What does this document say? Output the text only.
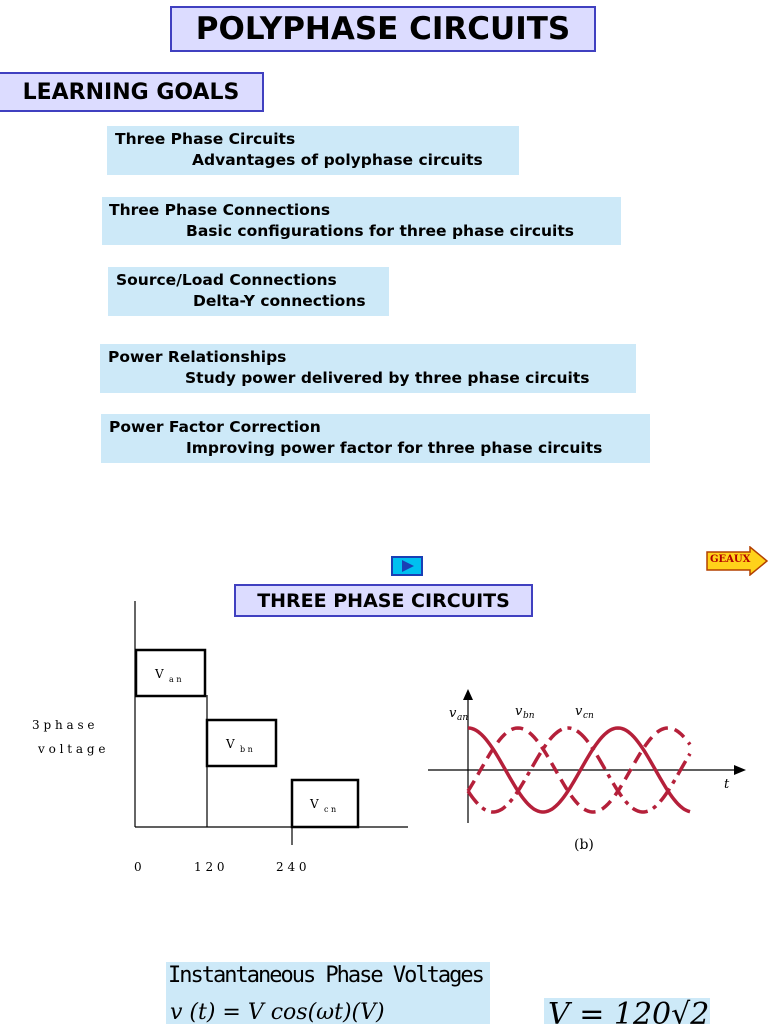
POLYPHASE CIRCUITS
LEARNING GOALS
Three Phase Circuits
Advantages of polyphase circuits
Three Phase Connections
Basic configurations for three phase circuits
Source/Load Connections
Delta-Y connections
Power Relationships
Study power delivered by three phase circuits
Power Factor Correction
Improving power factor for three phase circuits
GEAUX
THREE PHASE CIRCUITS
3 p h a s e
v o l t a g e
V a n
V b n
V c n
0	1 2 0	2 4 0
v an	v bn	v cn
t
(b)
Instantaneous Phase Voltages
v (t) = V cos(ωt)(V)	V = 120√2
